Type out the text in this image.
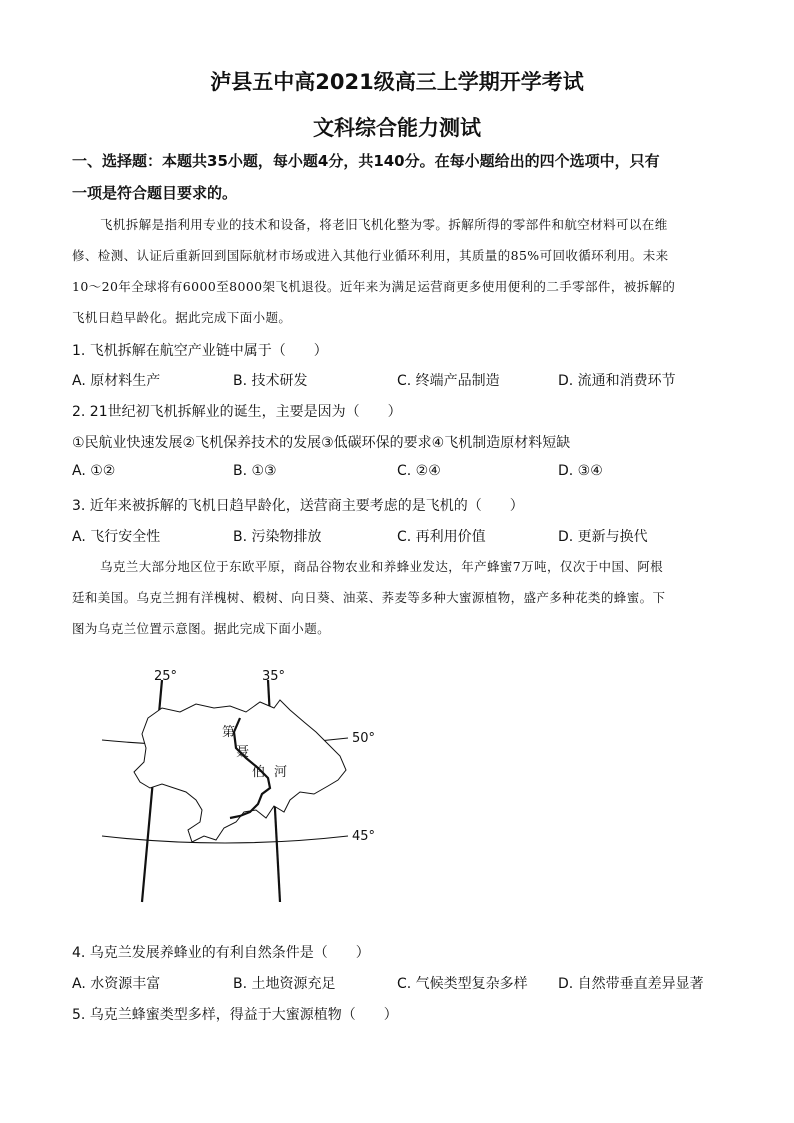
泸县五中高2021级高三上学期开学考试
文科综合能力测试
一、选择题：本题共35小题，每小题4分，共140分。在每小题给出的四个选项中，只有
一项是符合题目要求的。
飞机拆解是指利用专业的技术和设备，将老旧飞机化整为零。拆解所得的零部件和航空材料可以在维
修、检测、认证后重新回到国际航材市场或进入其他行业循环利用，其质量的85%可回收循环利用。未来
10～20年全球将有6000至8000架飞机退役。近年来为满足运营商更多使用便利的二手零部件，被拆解的
飞机日趋早龄化。据此完成下面小题。
1. 飞机拆解在航空产业链中属于（　　）
A. 原材料生产	B. 技术研发	C. 终端产品制造	D. 流通和消费环节
2. 21世纪初飞机拆解业的诞生，主要是因为（　　）
①民航业快速发展②飞机保养技术的发展③低碳环保的要求④飞机制造原材料短缺
A. ①②	B. ①③	C. ②④	D. ③④
3. 近年来被拆解的飞机日趋早龄化，送营商主要考虑的是飞机的（　　）
A. 飞行安全性	B. 污染物排放	C. 再利用价值	D. 更新与换代
乌克兰大部分地区位于东欧平原，商品谷物农业和养蜂业发达，年产蜂蜜7万吨，仅次于中国、阿根
廷和美国。乌克兰拥有洋槐树、椴树、向日葵、油菜、荞麦等多种大蜜源植物，盛产多种花类的蜂蜜。下
图为乌克兰位置示意图。据此完成下面小题。
25°	35°
50°
45°
第
聂
伯 河
4. 乌克兰发展养蜂业的有利自然条件是（　　）
A. 水资源丰富	B. 土地资源充足	C. 气候类型复杂多样 D. 自然带垂直差异显著
5. 乌克兰蜂蜜类型多样，得益于大蜜源植物（　　）
